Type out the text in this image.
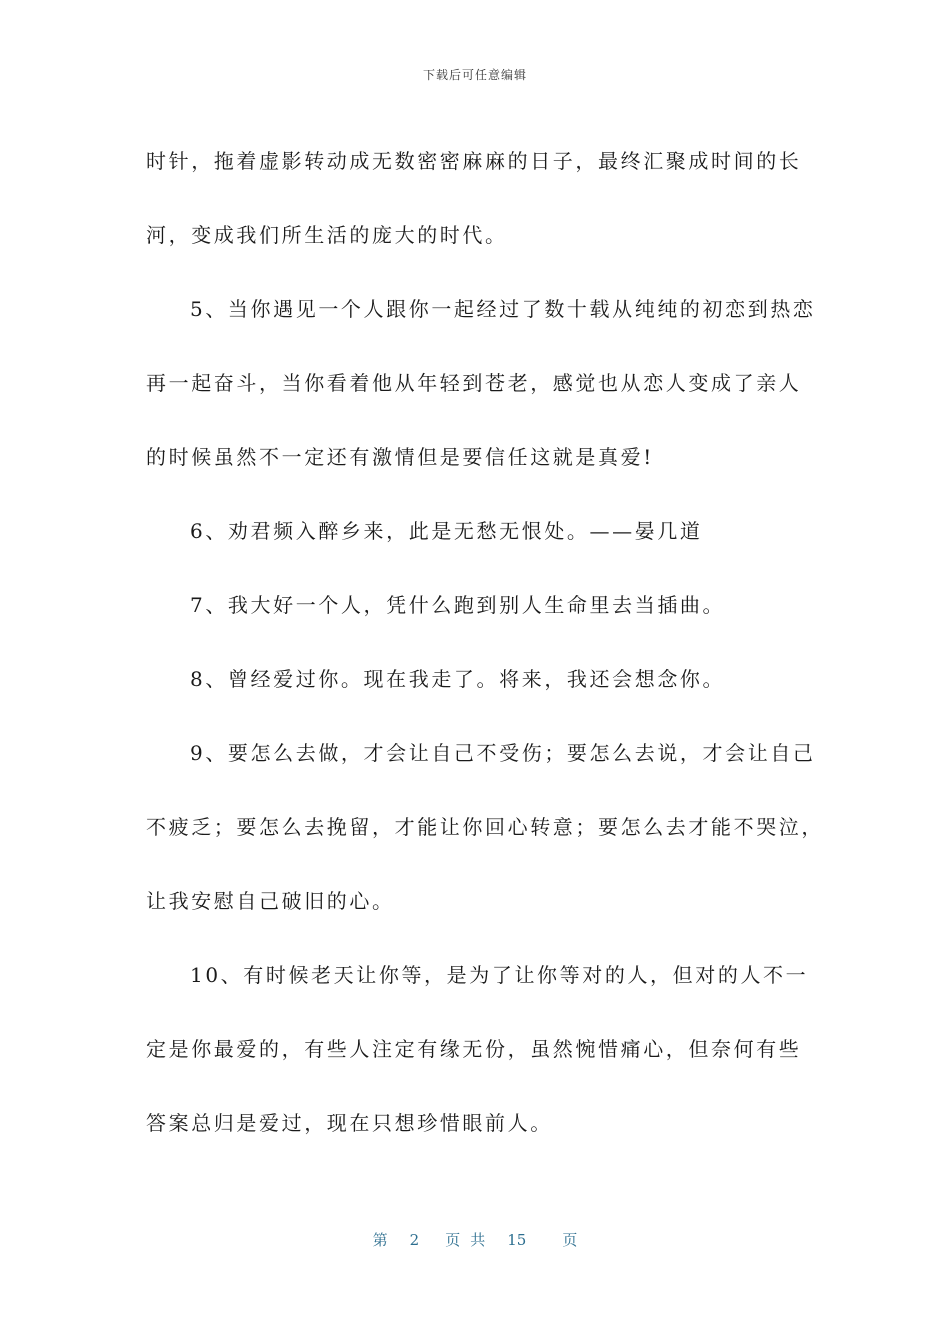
下载后可任意编辑

时针，拖着虚影转动成无数密密麻麻的日子，最终汇聚成时间的长

河，变成我们所生活的庞大的时代。

5、当你遇见一个人跟你一起经过了数十载从纯纯的初恋到热恋

再一起奋斗，当你看着他从年轻到苍老，感觉也从恋人变成了亲人

的时候虽然不一定还有激情但是要信任这就是真爱!

6、劝君频入醉乡来，此是无愁无恨处。——晏几道

7、我大好一个人，凭什么跑到别人生命里去当插曲。

8、曾经爱过你。现在我走了。将来，我还会想念你。

9、要怎么去做，才会让自己不受伤；要怎么去说，才会让自己

不疲乏；要怎么去挽留，才能让你回心转意；要怎么去才能不哭泣，

让我安慰自己破旧的心。

10、有时候老天让你等，是为了让你等对的人，但对的人不一

定是你最爱的，有些人注定有缘无份，虽然惋惜痛心，但奈何有些

答案总归是爱过，现在只想珍惜眼前人。

第 2 页 共 15 页
